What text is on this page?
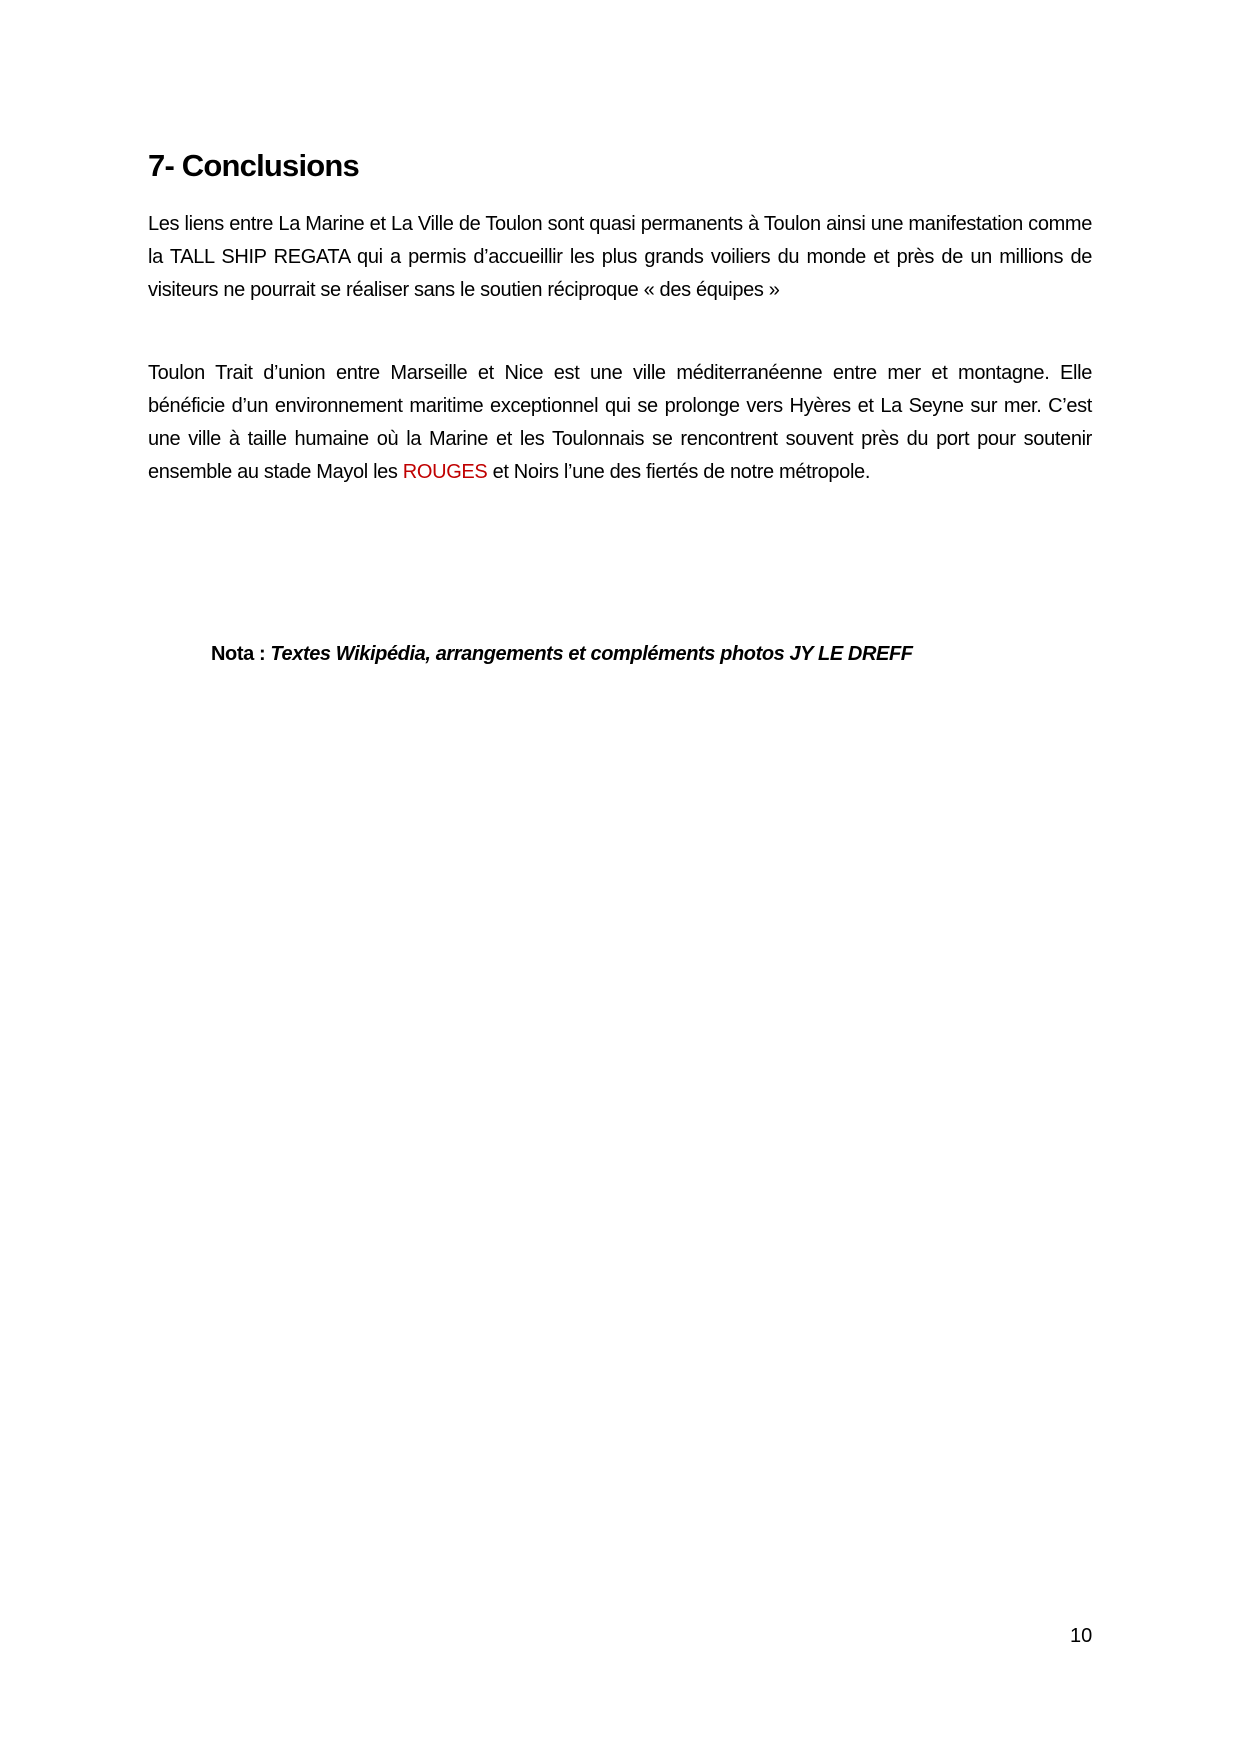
7- Conclusions

Les liens entre La Marine et La Ville de Toulon sont quasi permanents à Toulon ainsi une manifestation comme la TALL SHIP REGATA qui a permis d’accueillir les plus grands voiliers du monde et près de un millions de visiteurs ne pourrait se réaliser sans le soutien réciproque « des équipes »

Toulon Trait d’union entre Marseille et Nice est une ville méditerranéenne entre mer et montagne. Elle bénéficie d’un environnement maritime exceptionnel qui se prolonge vers Hyères et La Seyne sur mer. C’est une ville à taille humaine où la Marine et les Toulonnais se rencontrent souvent près du port pour soutenir ensemble au stade Mayol les ROUGES et Noirs l’une des fiertés de notre métropole.

Nota : Textes Wikipédia, arrangements et compléments photos JY LE DREFF
10
